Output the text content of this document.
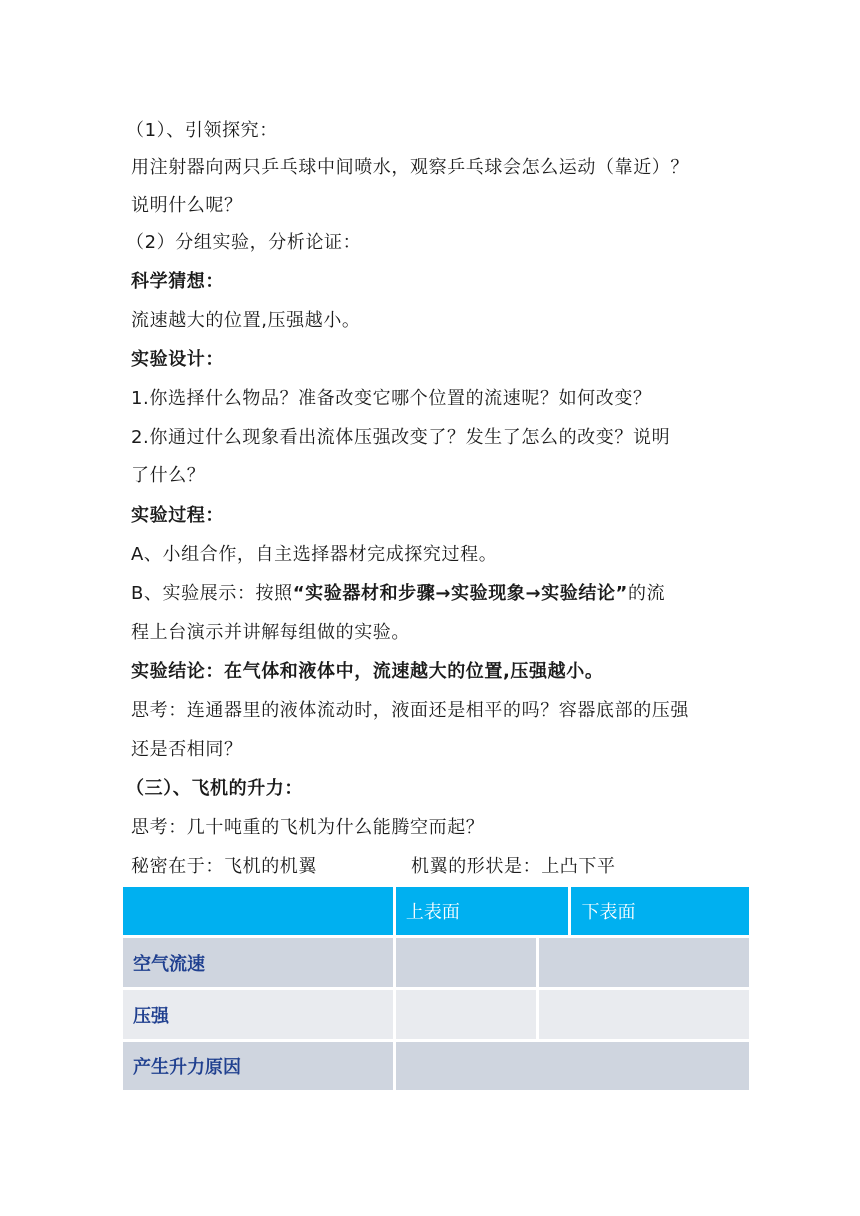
（1）、引领探究：
用注射器向两只乒乓球中间喷水，观察乒乓球会怎么运动（靠近）？
说明什么呢？
（2）分组实验，分析论证：
科学猜想：
流速越大的位置,压强越小。
实验设计：
1.你选择什么物品？准备改变它哪个位置的流速呢？如何改变？
2.你通过什么现象看出流体压强改变了？发生了怎么的改变？说明
了什么？
实验过程：
A、小组合作，自主选择器材完成探究过程。
B、实验展示：按照“实验器材和步骤→实验现象→实验结论”的流
程上台演示并讲解每组做的实验。
实验结论：在气体和液体中，流速越大的位置,压强越小。
思考：连通器里的液体流动时，液面还是相平的吗？容器底部的压强
还是否相同？
（三）、飞机的升力：
思考：几十吨重的飞机为什么能腾空而起？
秘密在于：飞机的机翼	机翼的形状是：上凸下平
	上表面		下表面
空气流速			
压强			
产生升力原因			
